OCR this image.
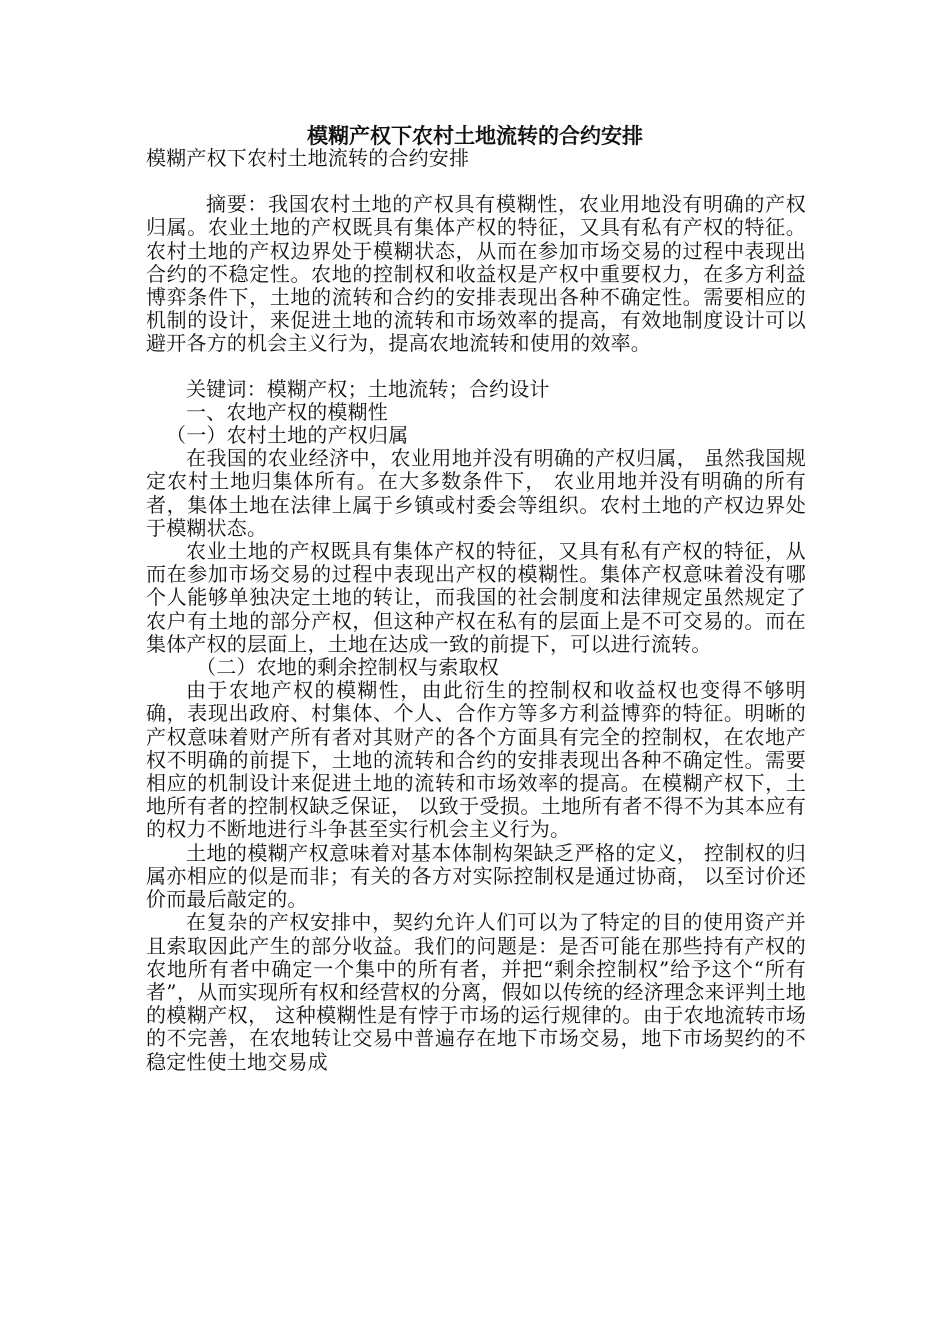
模糊产权下农村土地流转的合约安排

模糊产权下农村土地流转的合约安排

摘要：我国农村土地的产权具有模糊性，农业用地没有明确的产权归属。农业土地的产权既具有集体产权的特征，又具有私有产权的特征。农村土地的产权边界处于模糊状态，从而在参加市场交易的过程中表现出合约的不稳定性。农地的控制权和收益权是产权中重要权力，在多方利益博弈条件下，土地的流转和合约的安排表现出各种不确定性。需要相应的机制的设计，来促进土地的流转和市场效率的提高，有效地制度设计可以避开各方的机会主义行为，提高农地流转和使用的效率。

关键词：模糊产权；土地流转；合约设计

一、农地产权的模糊性

（一）农村土地的产权归属

在我国的农业经济中，农业用地并没有明确的产权归属， 虽然我国规定农村土地归集体所有。在大多数条件下， 农业用地并没有明确的所有者，集体土地在法律上属于乡镇或村委会等组织。农村土地的产权边界处于模糊状态。

农业土地的产权既具有集体产权的特征，又具有私有产权的特征，从而在参加市场交易的过程中表现出产权的模糊性。集体产权意味着没有哪个人能够单独决定土地的转让，而我国的社会制度和法律规定虽然规定了农户有土地的部分产权，但这种产权在私有的层面上是不可交易的。而在集体产权的层面上，土地在达成一致的前提下，可以进行流转。

（二）农地的剩余控制权与索取权

由于农地产权的模糊性，由此衍生的控制权和收益权也变得不够明确，表现出政府、村集体、个人、合作方等多方利益博弈的特征。明晰的产权意味着财产所有者对其财产的各个方面具有完全的控制权，在农地产权不明确的前提下，土地的流转和合约的安排表现出各种不确定性。需要相应的机制设计来促进土地的流转和市场效率的提高。在模糊产权下，土地所有者的控制权缺乏保证， 以致于受损。土地所有者不得不为其本应有的权力不断地进行斗争甚至实行机会主义行为。

土地的模糊产权意味着对基本体制构架缺乏严格的定义， 控制权的归属亦相应的似是而非；有关的各方对实际控制权是通过协商， 以至讨价还价而最后敲定的。

在复杂的产权安排中，契约允许人们可以为了特定的目的使用资产并且索取因此产生的部分收益。我们的问题是：是否可能在那些持有产权的农地所有者中确定一个集中的所有者，并把“剩余控制权”给予这个“所有者”，从而实现所有权和经营权的分离，假如以传统的经济理念来评判土地的模糊产权， 这种模糊性是有悖于市场的运行规律的。由于农地流转市场的不完善，在农地转让交易中普遍存在地下市场交易，地下市场契约的不稳定性使土地交易成
